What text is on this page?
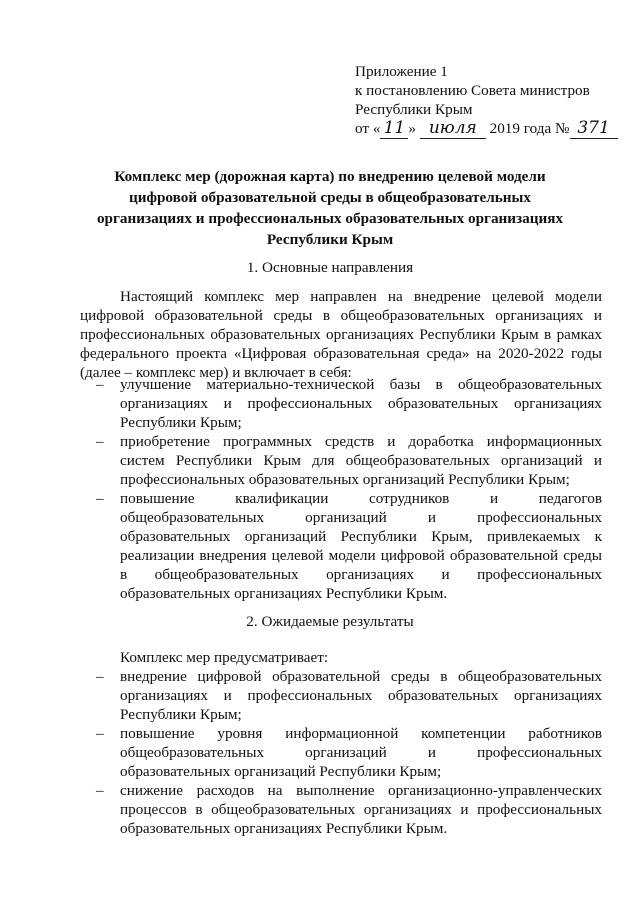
Приложение 1
к постановлению Совета министров
Республики Крым
от « 11 » июля 2019 года № 371
Комплекс мер (дорожная карта) по внедрению целевой модели цифровой образовательной среды в общеобразовательных организациях и профессиональных образовательных организациях Республики Крым
1. Основные направления
Настоящий комплекс мер направлен на внедрение целевой модели цифровой образовательной среды в общеобразовательных организациях и профессиональных образовательных организациях Республики Крым в рамках федерального проекта «Цифровая образовательная среда» на 2020-2022 годы (далее – комплекс мер) и включает в себя:
– улучшение материально-технической базы в общеобразовательных организациях и профессиональных образовательных организациях Республики Крым;
– приобретение программных средств и доработка информационных систем Республики Крым для общеобразовательных организаций и профессиональных образовательных организаций Республики Крым;
– повышение квалификации сотрудников и педагогов общеобразовательных организаций и профессиональных образовательных организаций Республики Крым, привлекаемых к реализации внедрения целевой модели цифровой образовательной среды в общеобразовательных организациях и профессиональных образовательных организациях Республики Крым.
2. Ожидаемые результаты
Комплекс мер предусматривает:
– внедрение цифровой образовательной среды в общеобразовательных организациях и профессиональных образовательных организациях Республики Крым;
– повышение уровня информационной компетенции работников общеобразовательных организаций и профессиональных образовательных организаций Республики Крым;
– снижение расходов на выполнение организационно-управленческих процессов в общеобразовательных организациях и профессиональных образовательных организациях Республики Крым.
